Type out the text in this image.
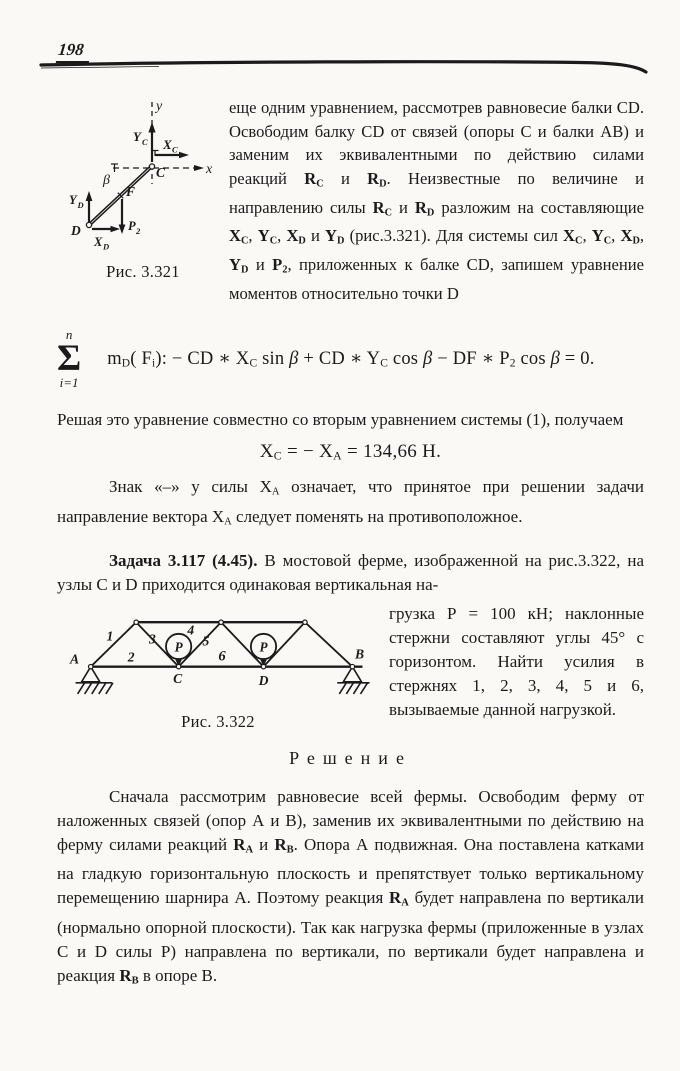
198
y
x
Y C X C
β
F
P 2
Y D
X D
C
D
Рис. 3.321

еще одним уравнением, рассмотрев равновесие балки CD. Освободим балку CD от связей (опоры С и балки АВ) и заменим их эквивалентными по действию силами реакций RC и RD. Неизвестные по величине и направлению силы RC и RD разложим на составляющие XC, YC, XD и YD (рис.3.321). Для системы сил XC, YC, XD, YD и P2, приложенных к балке CD, запишем уравнение моментов относительно точки D

n
Σ
i=1
$m_D$( $F_i$): − CD ∗ $X_C$ sin β + CD ∗ $Y_C$ cos β − DF ∗ $P_2$ cos β = 0.

Решая это уравнение совместно со вторым уравнением системы (1), получаем

$X_C$ = − $X_A = 134,66$ Н.

Знак «–» у силы $X_A$ означает, что принятое при решении задачи направление вектора $X_A$ следует поменять на противоположное.

Задача 3.117 (4.45). В мостовой ферме, изображенной на рис.3.322, на узлы С и D приходится одинаковая вертикальная на-

Р	Р
А	В
С	D
1
2
3
4
5
6
Рис. 3.322

грузка Р = 100 кН; наклонные стержни составляют углы 45° с горизонтом. Найти усилия в стержнях 1, 2, 3, 4, 5 и 6, вызываемые данной нагрузкой.

Решение

Сначала рассмотрим равновесие всей фермы. Освободим ферму от наложенных связей (опор А и В), заменив их эквивалентными по действию на ферму силами реакций RA и RB. Опора А подвижная. Она поставлена катками на гладкую горизонтальную плоскость и препятствует только вертикальному перемещению шарнира А. Поэтому реакция RA будет направлена по вертикали (нормально опорной плоскости). Так как нагрузка фермы (приложенные в узлах С и D силы Р) направлена по вертикали, по вертикали будет направлена и реакция RB в опоре В.
